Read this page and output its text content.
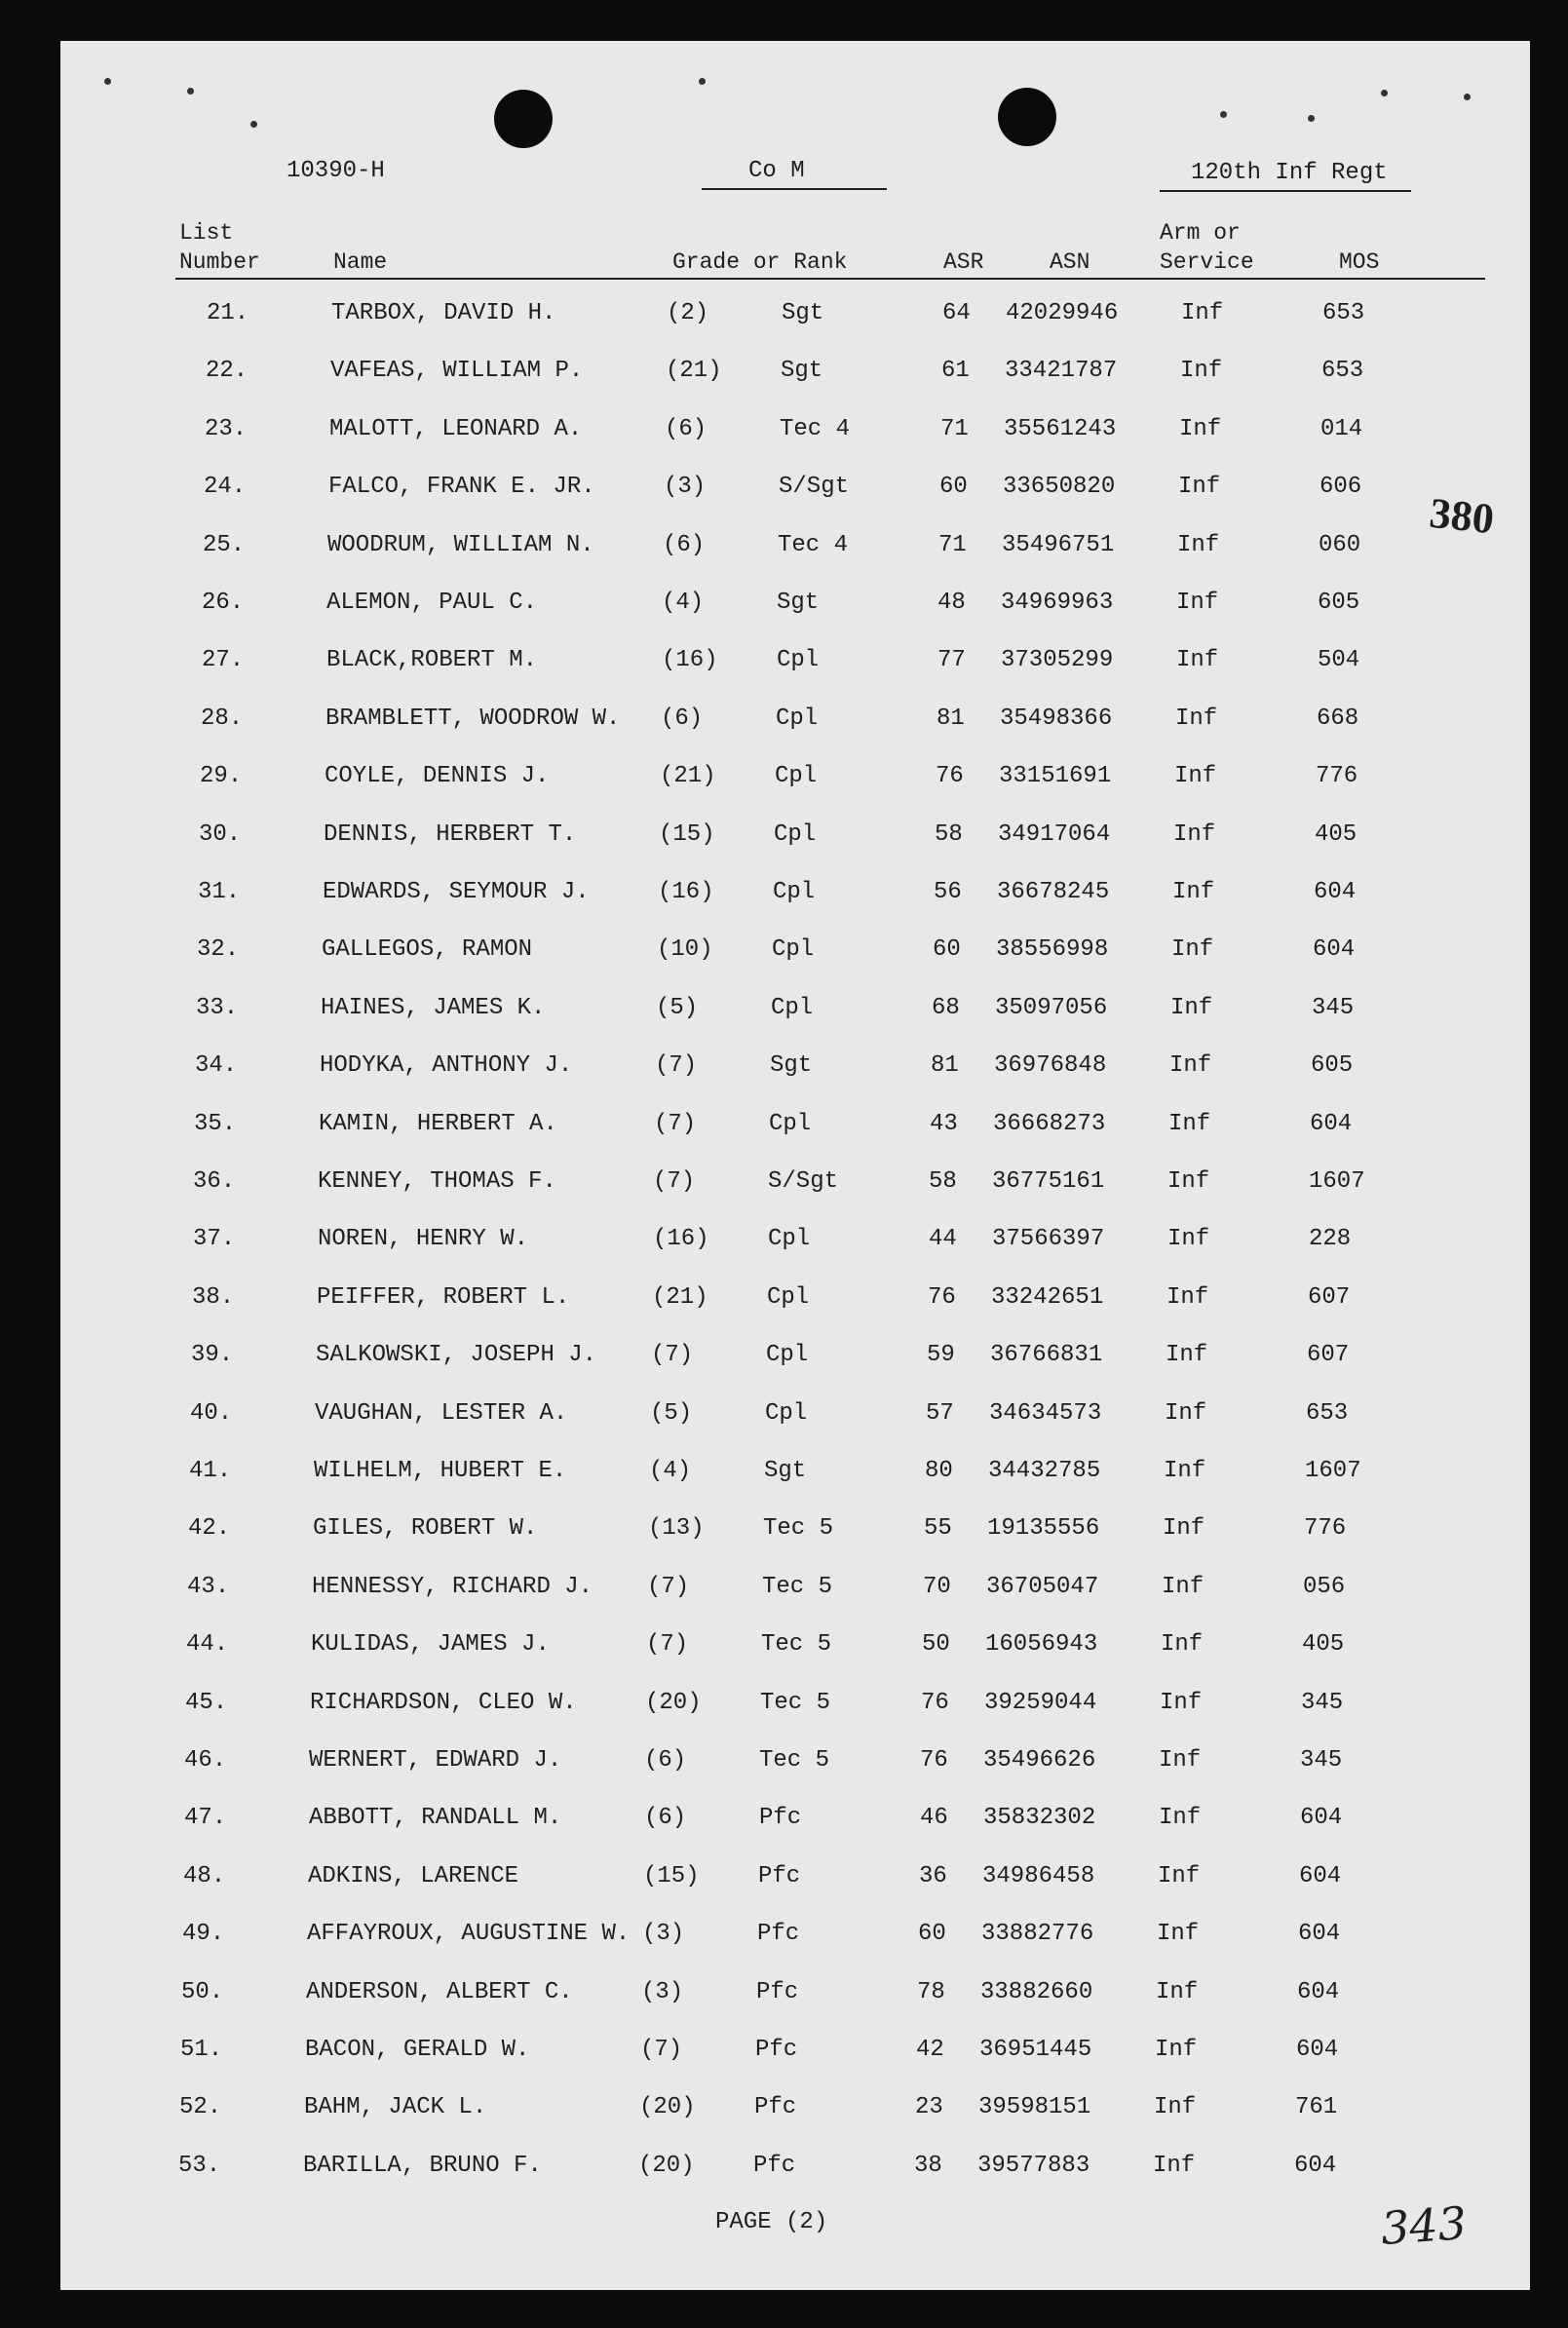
10390-H	Co M	120th Inf Regt
List
Number	Name	Grade or Rank	ASR	ASN
Arm or
Service	MOS
21.	TARBOX, DAVID H.	(2)	Sgt	64 42029946	Inf	653
22.	VAFEAS, WILLIAM P.	(21)	Sgt	61 33421787	Inf	653
23.	MALOTT, LEONARD A.	(6)	Tec 4	71 35561243	Inf	014
24.	FALCO, FRANK E. JR.	(3)	S/Sgt	60 33650820	Inf	606
25.	WOODRUM, WILLIAM N.	(6)	Tec 4	71 35496751	Inf	060
26.	ALEMON, PAUL C.	(4)	Sgt	48 34969963	Inf	605
27.	BLACK,ROBERT M.	(16)	Cpl	77 37305299	Inf	504
28.	BRAMBLETT, WOODROW W. (6)	Cpl	81 35498366	Inf	668
29.	COYLE, DENNIS J.	(21)	Cpl	76 33151691	Inf	776
30.	DENNIS, HERBERT T.	(15)	Cpl	58 34917064	Inf	405
31.	EDWARDS, SEYMOUR J.	(16)	Cpl	56 36678245	Inf	604
32.	GALLEGOS, RAMON	(10)	Cpl	60 38556998	Inf	604
33.	HAINES, JAMES K.	(5)	Cpl	68 35097056	Inf	345
34.	HODYKA, ANTHONY J.	(7)	Sgt	81 36976848	Inf	605
35.	KAMIN, HERBERT A.	(7)	Cpl	43 36668273	Inf	604
36.	KENNEY, THOMAS F.	(7)	S/Sgt	58 36775161	Inf	1607
37.	NOREN, HENRY W.	(16)	Cpl	44 37566397	Inf	228
38.	PEIFFER, ROBERT L.	(21)	Cpl	76 33242651	Inf	607
39.	SALKOWSKI, JOSEPH J. (7)	Cpl	59 36766831	Inf	607
40.	VAUGHAN, LESTER A.	(5)	Cpl	57 34634573	Inf	653
41.	WILHELM, HUBERT E.	(4)	Sgt	80 34432785	Inf	1607
42.	GILES, ROBERT W.	(13)	Tec 5	55 19135556	Inf	776
43.	HENNESSY, RICHARD J. (7)	Tec 5	70 36705047	Inf	056
44.	KULIDAS, JAMES J.	(7)	Tec 5	50 16056943	Inf	405
45.	RICHARDSON, CLEO W.	(20)	Tec 5	76 39259044	Inf	345
46.	WERNERT, EDWARD J.	(6)	Tec 5	76 35496626	Inf	345
47.	ABBOTT, RANDALL M.	(6)	Pfc	46 35832302	Inf	604
48.	ADKINS, LARENCE	(15)	Pfc	36 34986458	Inf	604
49.	AFFAYROUX, AUGUSTINE W. (3)	Pfc	60 33882776	Inf	604
50.	ANDERSON, ALBERT C.	(3)	Pfc	78 33882660	Inf	604
51.	BACON, GERALD W.	(7)	Pfc	42 36951445	Inf	604
52.	BAHM, JACK L.	(20)	Pfc	23 39598151	Inf	761
53.	BARILLA, BRUNO F.	(20)	Pfc	38 39577883	Inf	604
380
343
PAGE (2)
